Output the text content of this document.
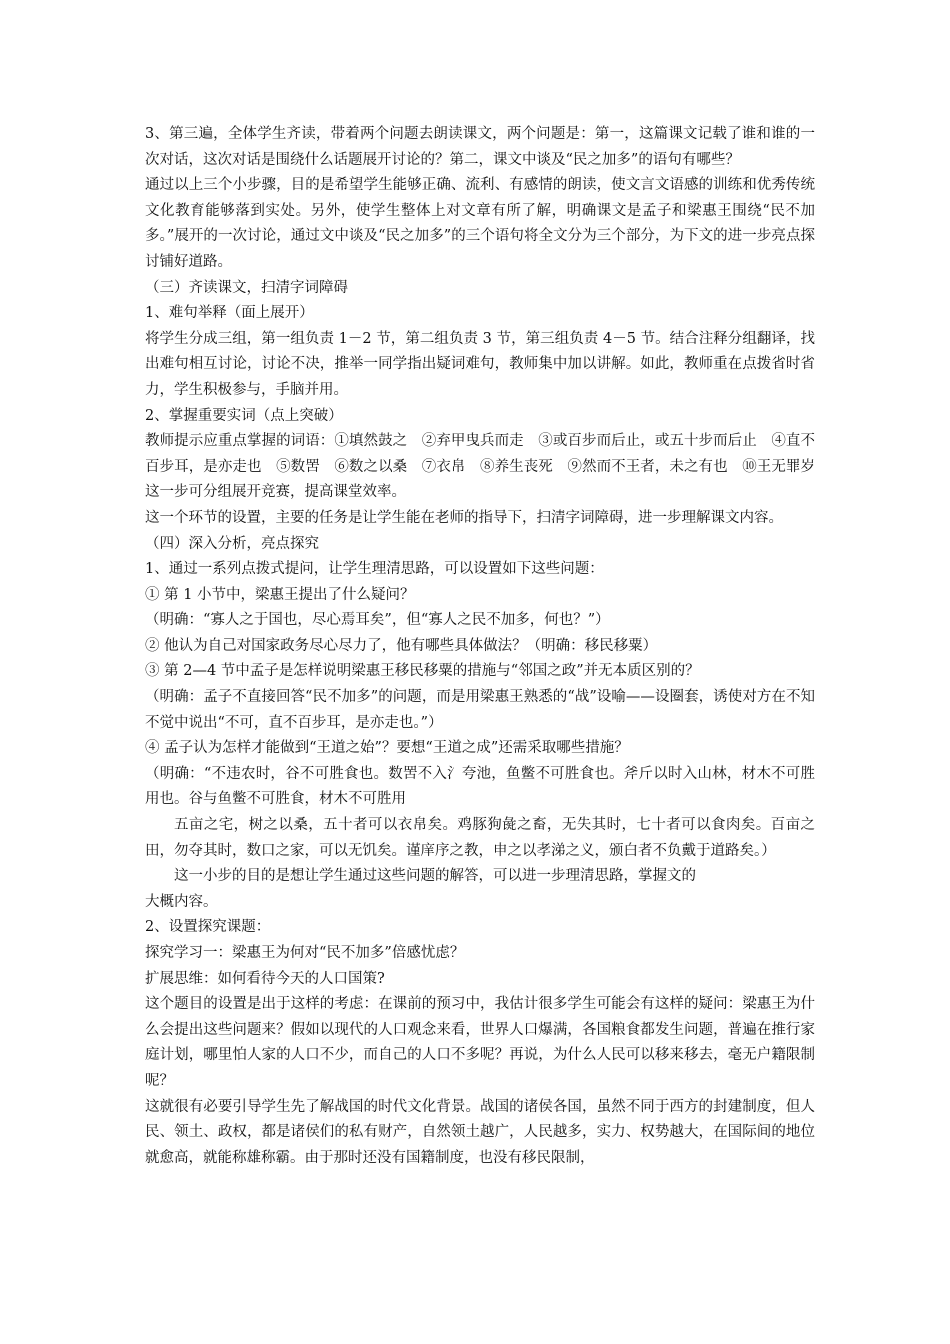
3、第三遍，全体学生齐读，带着两个问题去朗读课文，两个问题是：第一，这篇课文记载了谁和谁的一次对话，这次对话是围绕什么话题展开讨论的？第二，课文中谈及“民之加多”的语句有哪些？

通过以上三个小步骤，目的是希望学生能够正确、流利、有感情的朗读，使文言文语感的训练和优秀传统文化教育能够落到实处。另外，使学生整体上对文章有所了解，明确课文是孟子和梁惠王围绕“民不加多。”展开的一次讨论，通过文中谈及“民之加多”的三个语句将全文分为三个部分，为下文的进一步亮点探讨铺好道路。

（三）齐读课文，扫清字词障碍

1、难句举释（面上展开）

将学生分成三组，第一组负责 1－2 节，第二组负责 3 节，第三组负责 4－5 节。结合注释分组翻译，找出难句相互讨论，讨论不决，推举一同学指出疑词难句，教师集中加以讲解。如此，教师重在点拨省时省力，学生积极参与，手脑并用。

2、掌握重要实词（点上突破）

教师提示应重点掌握的词语：①填然鼓之　②弃甲曳兵而走　③或百步而后止，或五十步而后止　④直不百步耳，是亦走也　⑤数罟　⑥数之以桑　⑦衣帛　⑧养生丧死　⑨然而不王者，未之有也　⑩王无罪岁　　　　这一步可分组展开竞赛，提高课堂效率。

这一个环节的设置，主要的任务是让学生能在老师的指导下，扫清字词障碍，进一步理解课文内容。

（四）深入分析，亮点探究

1、通过一系列点拨式提问，让学生理清思路，可以设置如下这些问题：

① 第 1 小节中，梁惠王提出了什么疑问？

（明确：“寡人之于国也，尽心焉耳矣”，但“寡人之民不加多，何也？”）

② 他认为自己对国家政务尽心尽力了，他有哪些具体做法？（明确：移民移粟）

③ 第 2—4 节中孟子是怎样说明梁惠王移民移粟的措施与“邻国之政”并无本质区别的？

（明确：孟子不直接回答“民不加多”的问题，而是用梁惠王熟悉的“战”设喻——设圈套，诱使对方在不知不觉中说出“不可，直不百步耳，是亦走也。”）

④ 孟子认为怎样才能做到“王道之始”？要想“王道之成”还需采取哪些措施？

（明确：“不违农时，谷不可胜食也。数罟不入氵夸池，鱼鳖不可胜食也。斧斤以时入山林，材木不可胜用也。谷与鱼鳖不可胜食，材木不可胜用

五亩之宅，树之以桑，五十者可以衣帛矣。鸡豚狗彘之畜，无失其时，七十者可以食肉矣。百亩之田，勿夺其时，数口之家，可以无饥矣。谨庠序之教，申之以孝涕之义，颁白者不负戴于道路矣。）

这一小步的目的是想让学生通过这些问题的解答，可以进一步理清思路，掌握文的

大概内容。

2、设置探究课题：

探究学习一：梁惠王为何对“民不加多”倍感忧虑？

扩展思维：如何看待今天的人口国策?

这个题目的设置是出于这样的考虑：在课前的预习中，我估计很多学生可能会有这样的疑问：梁惠王为什么会提出这些问题来？假如以现代的人口观念来看，世界人口爆满，各国粮食都发生问题，普遍在推行家庭计划，哪里怕人家的人口不少，而自己的人口不多呢？再说，为什么人民可以移来移去，毫无户籍限制呢？

这就很有必要引导学生先了解战国的时代文化背景。战国的诸侯各国，虽然不同于西方的封建制度，但人民、领土、政权，都是诸侯们的私有财产，自然领土越广，人民越多，实力、权势越大，在国际间的地位就愈高，就能称雄称霸。由于那时还没有国籍制度，也没有移民限制，
